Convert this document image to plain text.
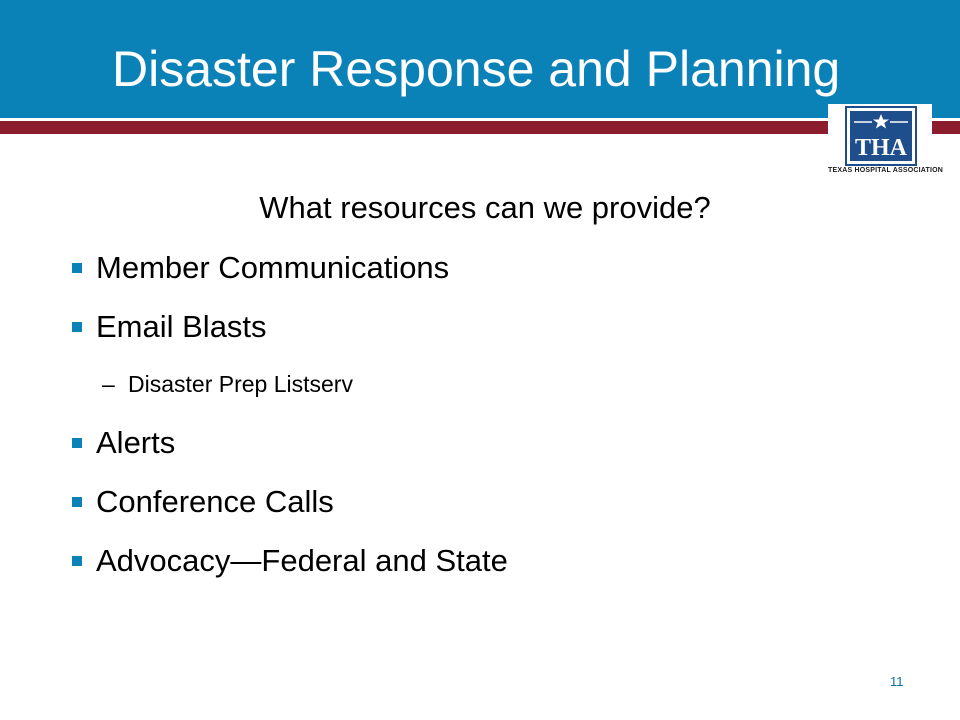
Disaster Response and Planning
THA
TEXAS HOSPITAL ASSOCIATION
What resources can we provide?
Member Communications
Email Blasts
– Disaster Prep Listserv
Alerts
Conference Calls
Advocacy—Federal and State
11
